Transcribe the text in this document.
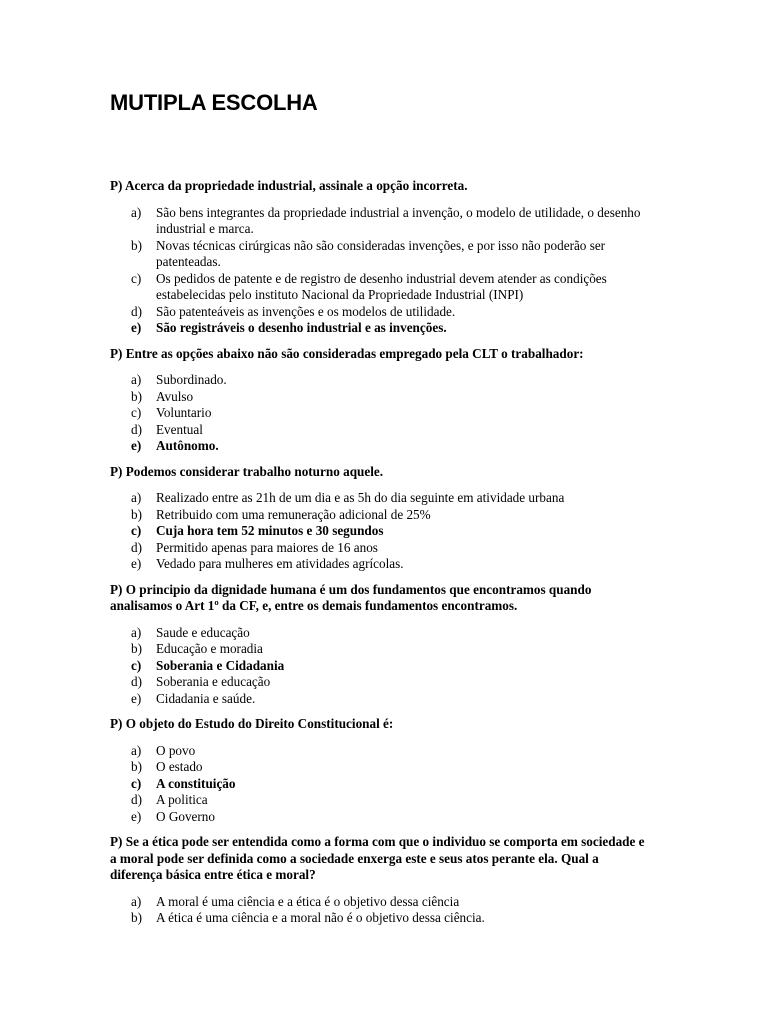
MUTIPLA ESCOLHA

P) Acerca da propriedade industrial, assinale a opção incorreta.

a) São bens integrantes da propriedade industrial a invenção, o modelo de utilidade, o desenho industrial e marca.
b) Novas técnicas cirúrgicas não são consideradas invenções, e por isso não poderão ser patenteadas.
c) Os pedidos de patente e de registro de desenho industrial devem atender as condições estabelecidas pelo instituto Nacional da Propriedade Industrial (INPI)
d) São patenteáveis as invenções e os modelos de utilidade.
e) São registráveis o desenho industrial e as invenções.

P) Entre as opções abaixo não são consideradas empregado pela CLT o trabalhador:

a) Subordinado.
b) Avulso
c) Voluntario
d) Eventual
e) Autônomo.

P) Podemos considerar trabalho noturno aquele.

a) Realizado entre as 21h de um dia e as 5h do dia seguinte em atividade urbana
b) Retribuido com uma remuneração adicional de 25%
c) Cuja hora tem 52 minutos e 30 segundos
d) Permitido apenas para maiores de 16 anos
e) Vedado para mulheres em atividades agrícolas.

P) O principio da dignidade humana é um dos fundamentos que encontramos quando analisamos o Art 1º da CF, e, entre os demais fundamentos encontramos.

a) Saude e educação
b) Educação e moradia
c) Soberania e Cidadania
d) Soberania e educação
e) Cidadania e saúde.

P) O objeto do Estudo do Direito Constitucional é:

a) O povo
b) O estado
c) A constituição
d) A politica
e) O Governo

P) Se a ética pode ser entendida como a forma com que o individuo se comporta em sociedade e a moral pode ser definida como a sociedade enxerga este e seus atos perante ela. Qual a diferença básica entre ética e moral?

a) A moral é uma ciência e a ética é o objetivo dessa ciência
b) A ética é uma ciência e a moral não é o objetivo dessa ciência.
